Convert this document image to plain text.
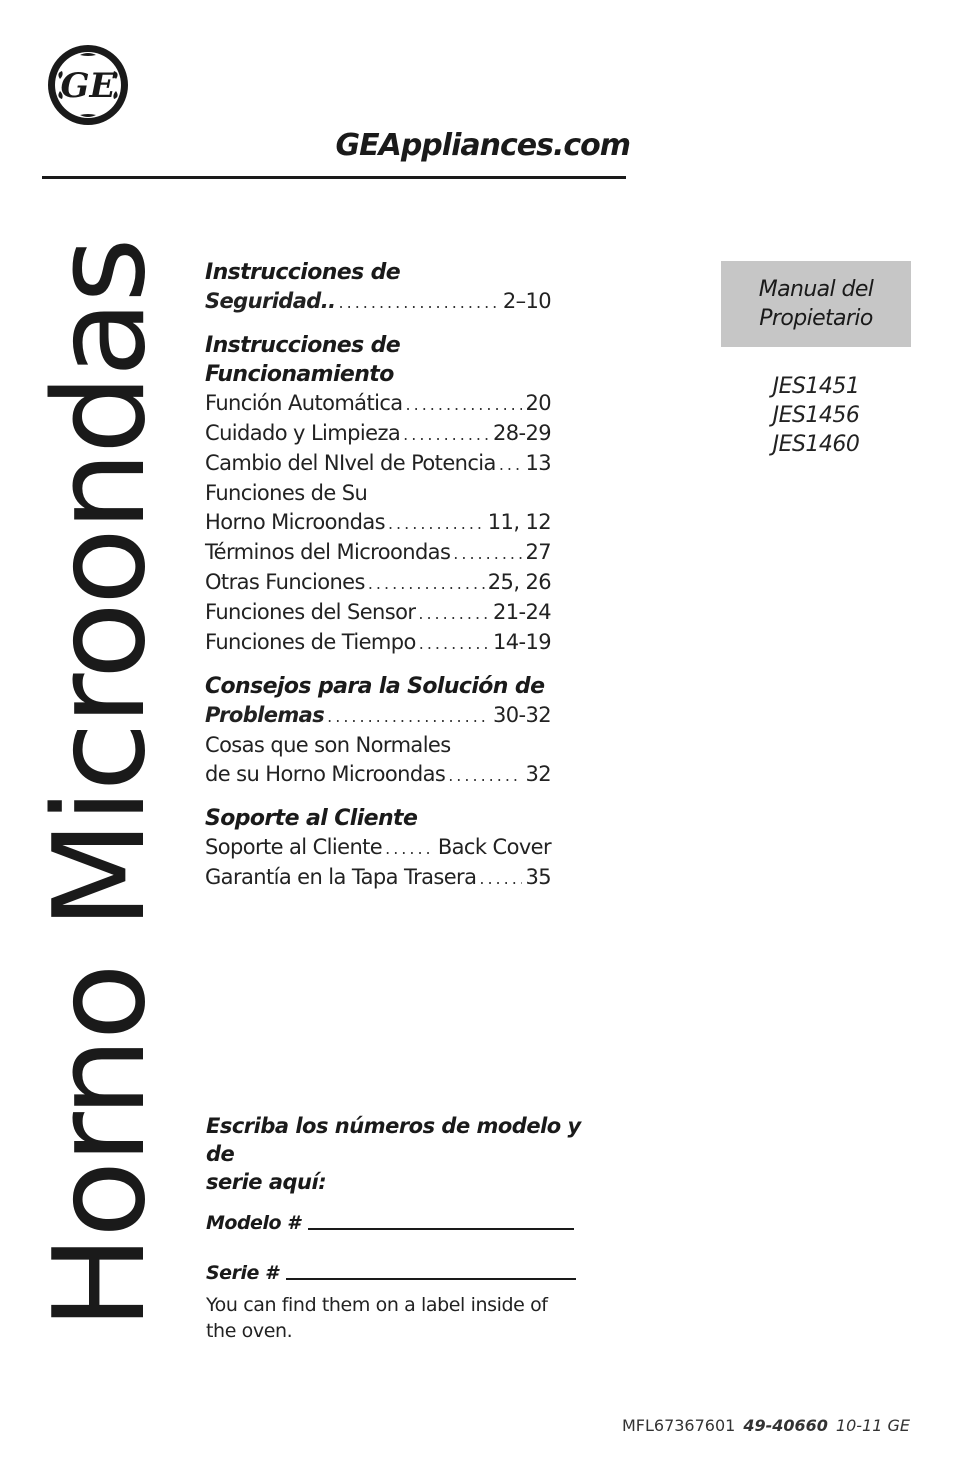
GE
GEAppliances.com
Horno Microondas Instrucciones de
Seguridad.. .....	2–10
Instrucciones de
Funcionamiento
Función Automática .....	20
Cuidado y Limpieza .....	28-29
Cambio del NIvel de Potencia ..... 13
Funciones de Su
Horno Microondas .....	11, 12
Términos del Microondas .....	27
Otras Funciones .....	25, 26
Funciones del Sensor .....	21-24
Funciones de Tiempo .....	14-19
Consejos para la Solución de
Problemas .....	30-32
Cosas que son Normales
de su Horno Microondas .....	32
Soporte al Cliente
Soporte al Cliente .....	Back Cover
Garantía en la Tapa Trasera ..... 35
Manual del
Propietario
JES1451
JES1456
JES1460
Escriba los números de modelo y de
serie aquí:
Modelo #
Serie #
You can find them on a label inside of the oven.
MFL67367601 49-40660 10-11 GE
